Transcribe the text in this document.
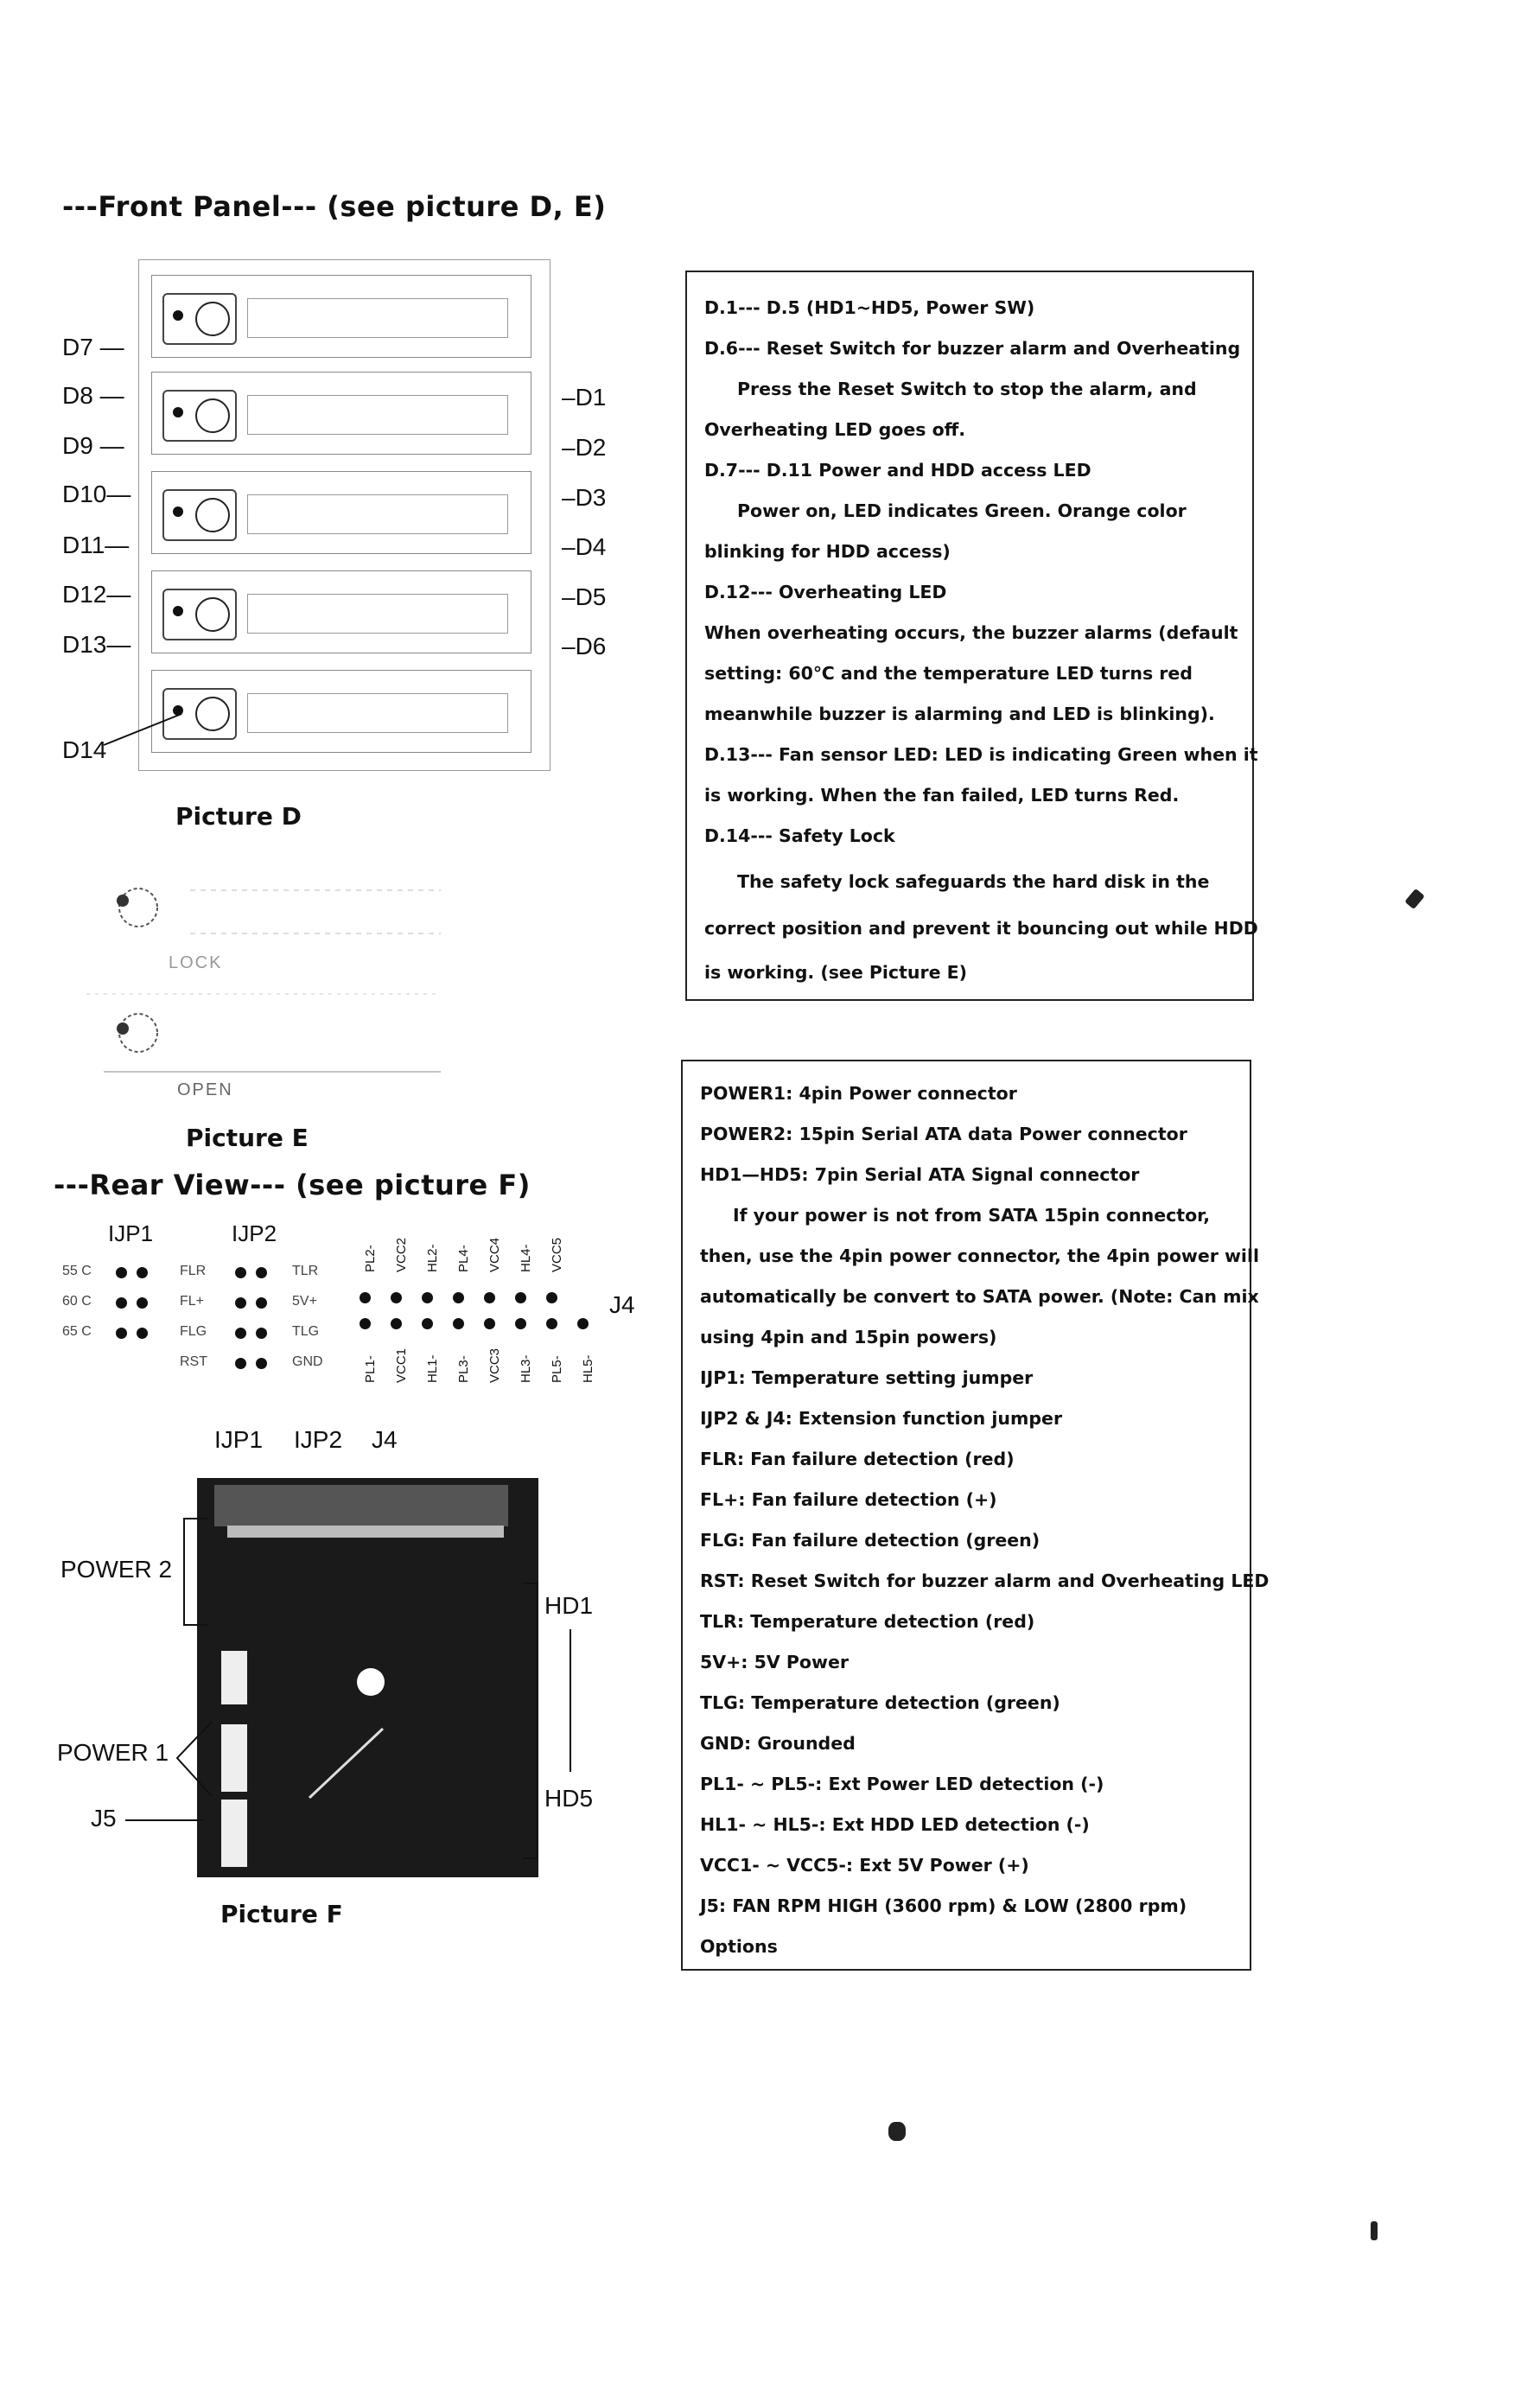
---Front Panel--- (see picture D, E)
D7 —
D8 —
D9 —
D10—
D11—
D12—
D13—
D14
–D1
–D2
–D3
–D4
–D5
–D6
Picture D
LOCK
OPEN
Picture E

D.1--- D.5 (HD1~HD5, Power SW)

D.6--- Reset Switch for buzzer alarm and Overheating

Press the Reset Switch to stop the alarm, and

Overheating LED goes off.

D.7--- D.11 Power and HDD access LED

Power on, LED indicates Green. Orange color

blinking for HDD access)

D.12--- Overheating LED

When overheating occurs, the buzzer alarms (default

setting: 60℃ and the temperature LED turns red

meanwhile buzzer is alarming and LED is blinking).

D.13--- Fan sensor LED: LED is indicating Green when it

is working. When the fan failed, LED turns Red.

D.14--- Safety Lock

The safety lock safeguards the hard disk in the

correct position and prevent it bouncing out while HDD

is working. (see Picture E)

---Rear View--- (see picture F)
IJP1	IJP2
55 C
60 C
65 C
FLR
FL+
FLG
RST
TLR
5V+
TLG
GND
PL2- VCC2 HL2- PL4- VCC4 HL4- VCC5
J4
PL1- VCC1 HL1- PL3- VCC3 HL3- PL5- HL5-
IJP1 IJP2 J4
POWER 2
POWER 1
J5
HD1
HD5
Picture F

POWER1: 4pin Power connector

POWER2: 15pin Serial ATA data Power connector

HD1—HD5: 7pin Serial ATA Signal connector

If your power is not from SATA 15pin connector,

then, use the 4pin power connector, the 4pin power will

automatically be convert to SATA power. (Note: Can mix

using 4pin and 15pin powers)

IJP1: Temperature setting jumper

IJP2 & J4: Extension function jumper

FLR: Fan failure detection (red)

FL+: Fan failure detection (+)

FLG: Fan failure detection (green)

RST: Reset Switch for buzzer alarm and Overheating LED

TLR: Temperature detection (red)

5V+: 5V Power

TLG: Temperature detection (green)

GND: Grounded

PL1- ~ PL5-: Ext Power LED detection (-)

HL1- ~ HL5-: Ext HDD LED detection (-)

VCC1- ~ VCC5-: Ext 5V Power (+)

J5: FAN RPM HIGH (3600 rpm) & LOW (2800 rpm)

Options
